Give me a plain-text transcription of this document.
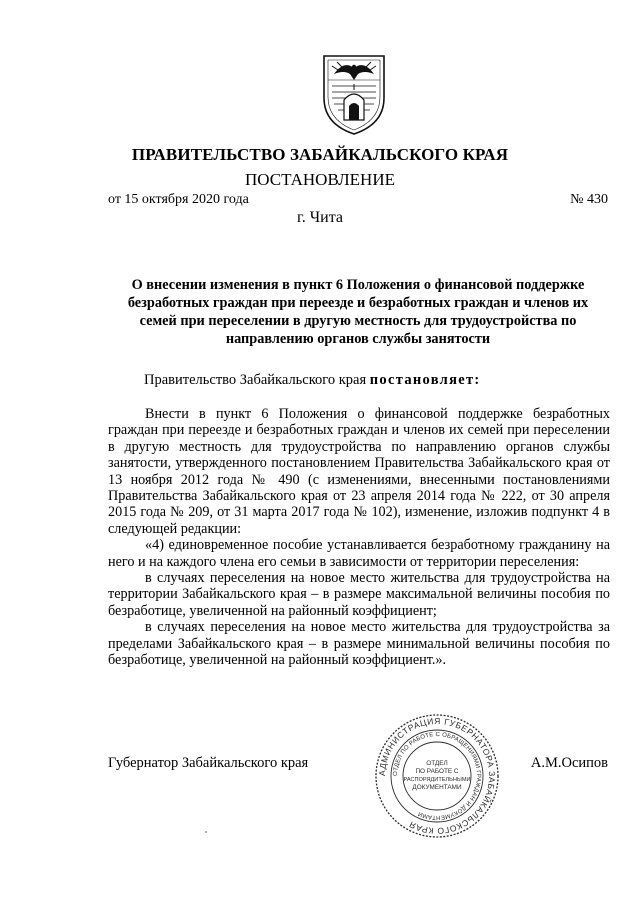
ПРАВИТЕЛЬСТВО ЗАБАЙКАЛЬСКОГО КРАЯ
ПОСТАНОВЛЕНИЕ
от 15 октября 2020 года	№ 430
г. Чита
О внесении изменения в пункт 6 Положения о финансовой поддержке безработных граждан при переезде и безработных граждан и членов их семей при переселении в другую местность для трудоустройства по направлению органов службы занятости
Правительство Забайкальского края постановляет:

Внести в пункт 6 Положения о финансовой поддержке безработных граждан при переезде и безработных граждан и членов их семей при переселении в другую местность для трудоустройства по направлению органов службы занятости, утвержденного постановлением Правительства Забайкальского края от 13 ноября 2012 года № 490 (с изменениями, внесенными постановлениями Правительства Забайкальского края от 23 апреля 2014 года № 222, от 30 апреля 2015 года № 209, от 31 марта 2017 года № 102), изменение, изложив подпункт 4 в следующей редакции:

«4) единовременное пособие устанавливается безработному гражданину на него и на каждого члена его семьи в зависимости от территории переселения:

в случаях переселения на новое место жительства для трудоустройства на территории Забайкальского края – в размере максимальной величины пособия по безработице, увеличенной на районный коэффициент;

в случаях переселения на новое место жительства для трудоустройства за пределами Забайкальского края – в размере минимальной величины пособия по безработице, увеличенной на районный коэффициент.».

Губернатор Забайкальского края	А.М.Осипов
АДМИНИСТРАЦИЯ ГУБЕРНАТОРА ЗАБАЙКАЛЬСКОГО КРАЯ
ОТДЕЛ ПО РАБОТЕ С ОБРАЩЕНИЯМИ ГРАЖДАН И ДОКУМЕНТАМИ
ОТДЕЛ
ПО РАБОТЕ С
РАСПОРЯДИТЕЛЬНЫМИ
ДОКУМЕНТАМИ
